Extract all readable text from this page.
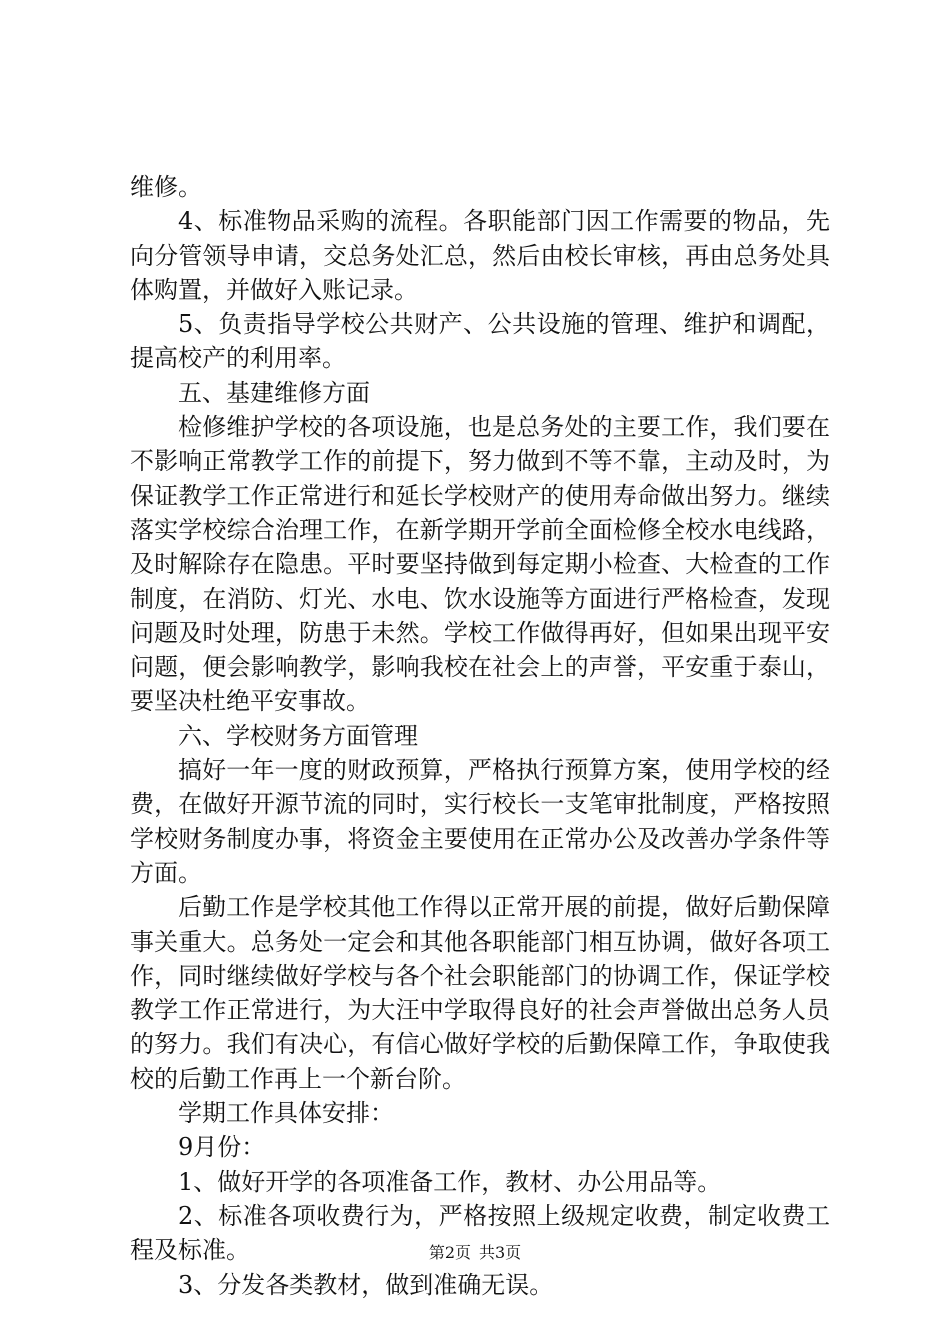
维修。

4、标准物品采购的流程。各职能部门因工作需要的物品，先向分管领导申请，交总务处汇总，然后由校长审核，再由总务处具体购置，并做好入账记录。

5、负责指导学校公共财产、公共设施的管理、维护和调配，提高校产的利用率。

五、基建维修方面

检修维护学校的各项设施，也是总务处的主要工作，我们要在不影响正常教学工作的前提下，努力做到不等不靠，主动及时，为保证教学工作正常进行和延长学校财产的使用寿命做出努力。继续落实学校综合治理工作，在新学期开学前全面检修全校水电线路，及时解除存在隐患。平时要坚持做到每定期小检查、大检查的工作制度，在消防、灯光、水电、饮水设施等方面进行严格检查，发现问题及时处理，防患于未然。学校工作做得再好，但如果出现平安问题，便会影响教学，影响我校在社会上的声誉，平安重于泰山，要坚决杜绝平安事故。

六、学校财务方面管理

搞好一年一度的财政预算，严格执行预算方案，使用学校的经费，在做好开源节流的同时，实行校长一支笔审批制度，严格按照学校财务制度办事，将资金主要使用在正常办公及改善办学条件等方面。

后勤工作是学校其他工作得以正常开展的前提，做好后勤保障事关重大。总务处一定会和其他各职能部门相互协调，做好各项工作，同时继续做好学校与各个社会职能部门的协调工作，保证学校教学工作正常进行，为大汪中学取得良好的社会声誉做出总务人员的努力。我们有决心，有信心做好学校的后勤保障工作，争取使我校的后勤工作再上一个新台阶。

学期工作具体安排：

9月份：

1、做好开学的各项准备工作，教材、办公用品等。

2、标准各项收费行为，严格按照上级规定收费，制定收费工程及标准。

3、分发各类教材，做到准确无误。

第2页 共3页
